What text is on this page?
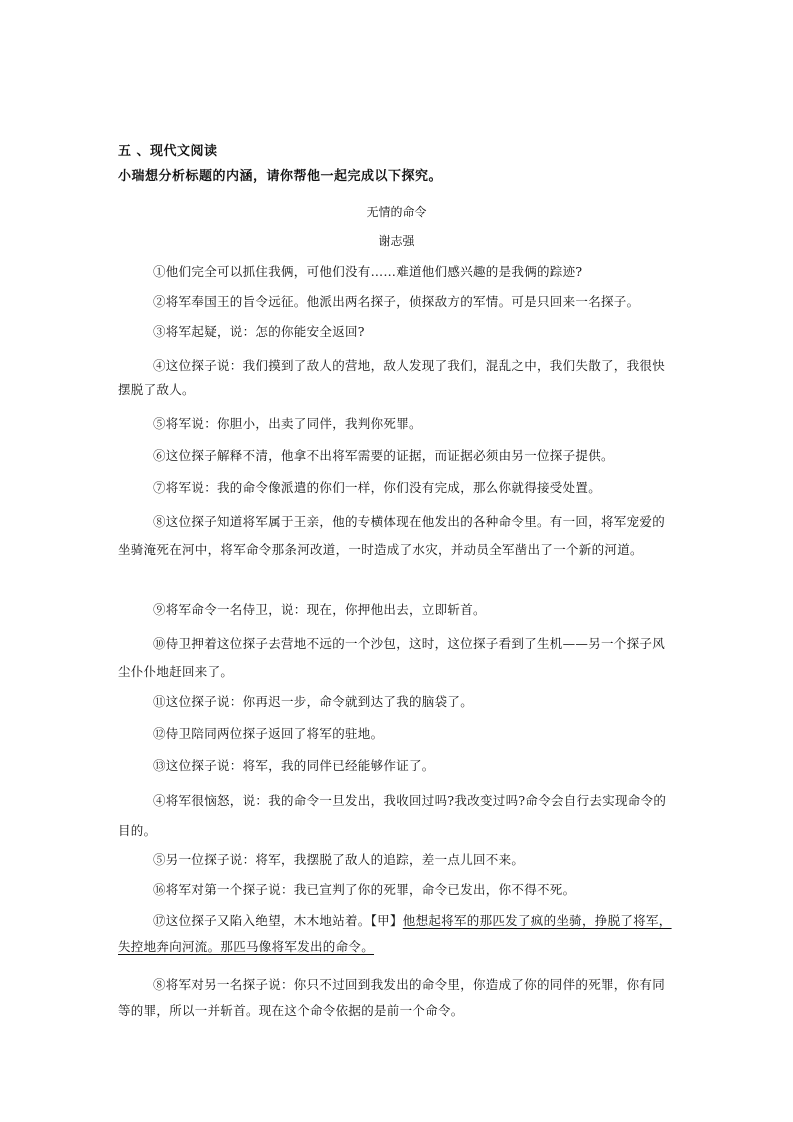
五 、现代文阅读
小瑞想分析标题的内涵，请你帮他一起完成以下探究。
无情的命令
谢志强
①他们完全可以抓住我俩，可他们没有……难道他们感兴趣的是我俩的踪迹?
②将军奉国王的旨令远征。他派出两名探子，侦探敌方的军情。可是只回来一名探子。
③将军起疑，说：怎的你能安全返回?
④这位探子说：我们摸到了敌人的营地，敌人发现了我们，混乱之中，我们失散了，我很快摆脱了敌人。
⑤将军说：你胆小，出卖了同伴，我判你死罪。
⑥这位探子解释不清，他拿不出将军需要的证据，而证据必须由另一位探子提供。
⑦将军说：我的命令像派遣的你们一样，你们没有完成，那么你就得接受处置。
⑧这位探子知道将军属于王亲，他的专横体现在他发出的各种命令里。有一回，将军宠爱的坐骑淹死在河中，将军命令那条河改道，一时造成了水灾，并动员全军凿出了一个新的河道。
⑨将军命令一名侍卫，说：现在，你押他出去，立即斩首。
⑩侍卫押着这位探子去营地不远的一个沙包，这时，这位探子看到了生机——另一个探子风尘仆仆地赶回来了。
⑪这位探子说：你再迟一步，命令就到达了我的脑袋了。
⑫侍卫陪同两位探子返回了将军的驻地。
⑬这位探子说：将军，我的同伴已经能够作证了。
④将军很恼怒，说：我的命令一旦发出，我收回过吗?我改变过吗?命令会自行去实现命令的目的。
⑤另一位探子说：将军，我摆脱了敌人的追踪，差一点儿回不来。
⑯将军对第一个探子说：我已宣判了你的死罪，命令已发出，你不得不死。
⑰这位探子又陷入绝望，木木地站着。【甲】他想起将军的那匹发了疯的坐骑，挣脱了将军，失控地奔向河流。那匹马像将军发出的命令。
⑧将军对另一名探子说：你只不过回到我发出的命令里，你造成了你的同伴的死罪，你有同等的罪，所以一并斩首。现在这个命令依据的是前一个命令。
